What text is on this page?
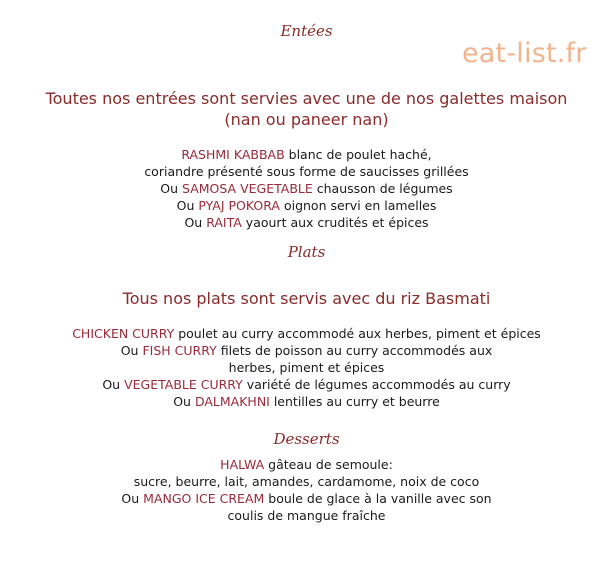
eat-list.fr
Entées
Toutes nos entrées sont servies avec une de nos galettes maison
(nan ou paneer nan)
RASHMI KABBAB blanc de poulet haché,
coriandre présenté sous forme de saucisses grillées
Ou SAMOSA VEGETABLE chausson de légumes
Ou PYAJ POKORA oignon servi en lamelles
Ou RAITA yaourt aux crudités et épices
Plats
Tous nos plats sont servis avec du riz Basmati
CHICKEN CURRY poulet au curry accommodé aux herbes, piment et épices
Ou FISH CURRY filets de poisson au curry accommodés aux
herbes, piment et épices
Ou VEGETABLE CURRY variété de légumes accommodés au curry
Ou DALMAKHNI lentilles au curry et beurre
Desserts
HALWA gâteau de semoule:
sucre, beurre, lait, amandes, cardamome, noix de coco
Ou MANGO ICE CREAM boule de glace à la vanille avec son
coulis de mangue fraîche
